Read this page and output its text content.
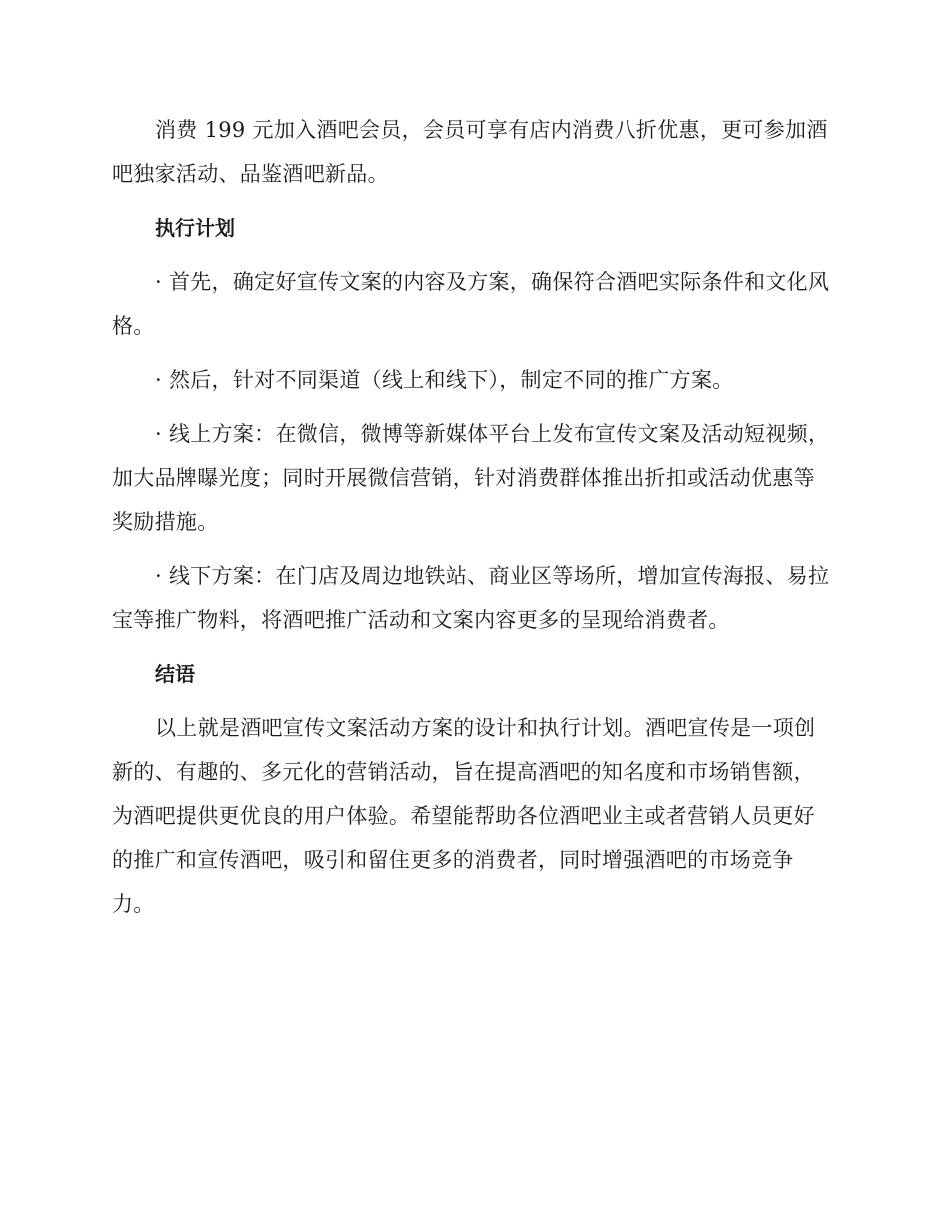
消费 199 元加入酒吧会员，会员可享有店内消费八折优惠，更可参加酒吧独家活动、品鉴酒吧新品。

执行计划

· 首先，确定好宣传文案的内容及方案，确保符合酒吧实际条件和文化风格。

· 然后，针对不同渠道（线上和线下），制定不同的推广方案。

· 线上方案：在微信，微博等新媒体平台上发布宣传文案及活动短视频，加大品牌曝光度；同时开展微信营销，针对消费群体推出折扣或活动优惠等奖励措施。

· 线下方案：在门店及周边地铁站、商业区等场所，增加宣传海报、易拉宝等推广物料，将酒吧推广活动和文案内容更多的呈现给消费者。

结语

以上就是酒吧宣传文案活动方案的设计和执行计划。酒吧宣传是一项创新的、有趣的、多元化的营销活动，旨在提高酒吧的知名度和市场销售额，为酒吧提供更优良的用户体验。希望能帮助各位酒吧业主或者营销人员更好的推广和宣传酒吧，吸引和留住更多的消费者，同时增强酒吧的市场竞争力。
